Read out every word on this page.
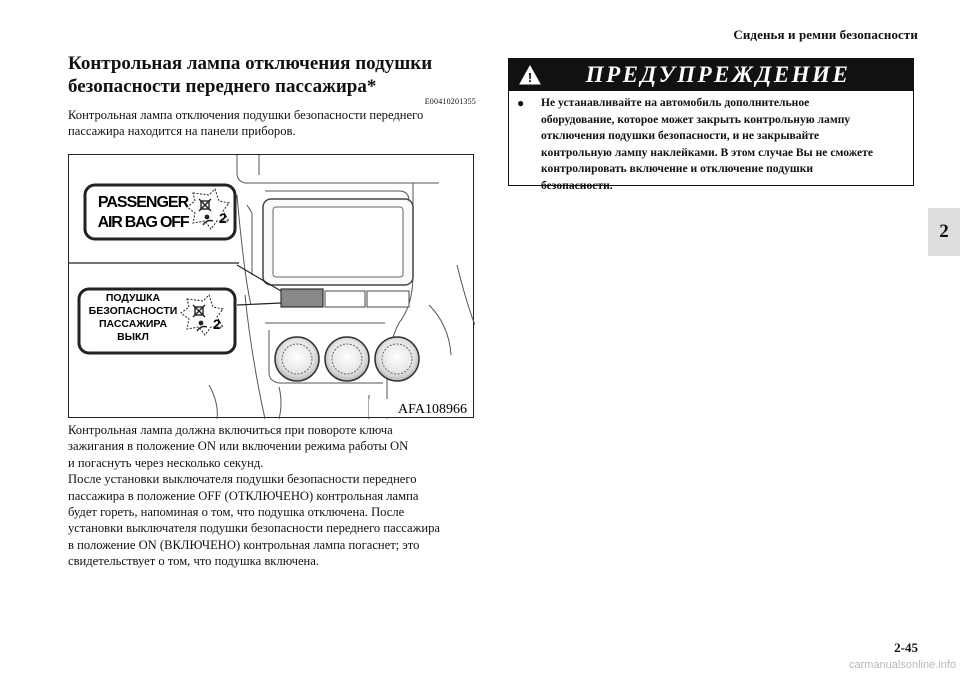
Сиденья и ремни безопасности
2
Контрольная лампа отключения подушки
безопасности переднего пассажира*
E00410201355
Контрольная лампа отключения подушки безопасности переднего
пассажира находится на панели приборов.
PASSENGER
AIR BAG OFF 2
ПОДУШКА
БЕЗОПАСНОСТИ
ПАССАЖИРА
ВЫКЛ
2
AFA108966
Контрольная лампа должна включиться при повороте ключа
зажигания в положение ON или включении режима работы ON
и погаснуть через несколько секунд.
После установки выключателя подушки безопасности переднего
пассажира в положение OFF (ОТКЛЮЧЕНО) контрольная лампа
будет гореть, напоминая о том, что подушка отключена. После
установки выключателя подушки безопасности переднего пассажира
в положение ON (ВКЛЮЧЕНО) контрольная лампа погаснет; это
свидетельствует о том, что подушка включена.
! ПРЕДУПРЕЖДЕНИЕ
●	Не устанавливайте на автомобиль дополнительное
оборудование, которое может закрыть контрольную лампу
отключения подушки безопасности, и не закрывайте
контрольную лампу наклейками. В этом случае Вы не сможете
контролировать включение и отключение подушки
безопасности.
2-45
carmanualsonline.info
